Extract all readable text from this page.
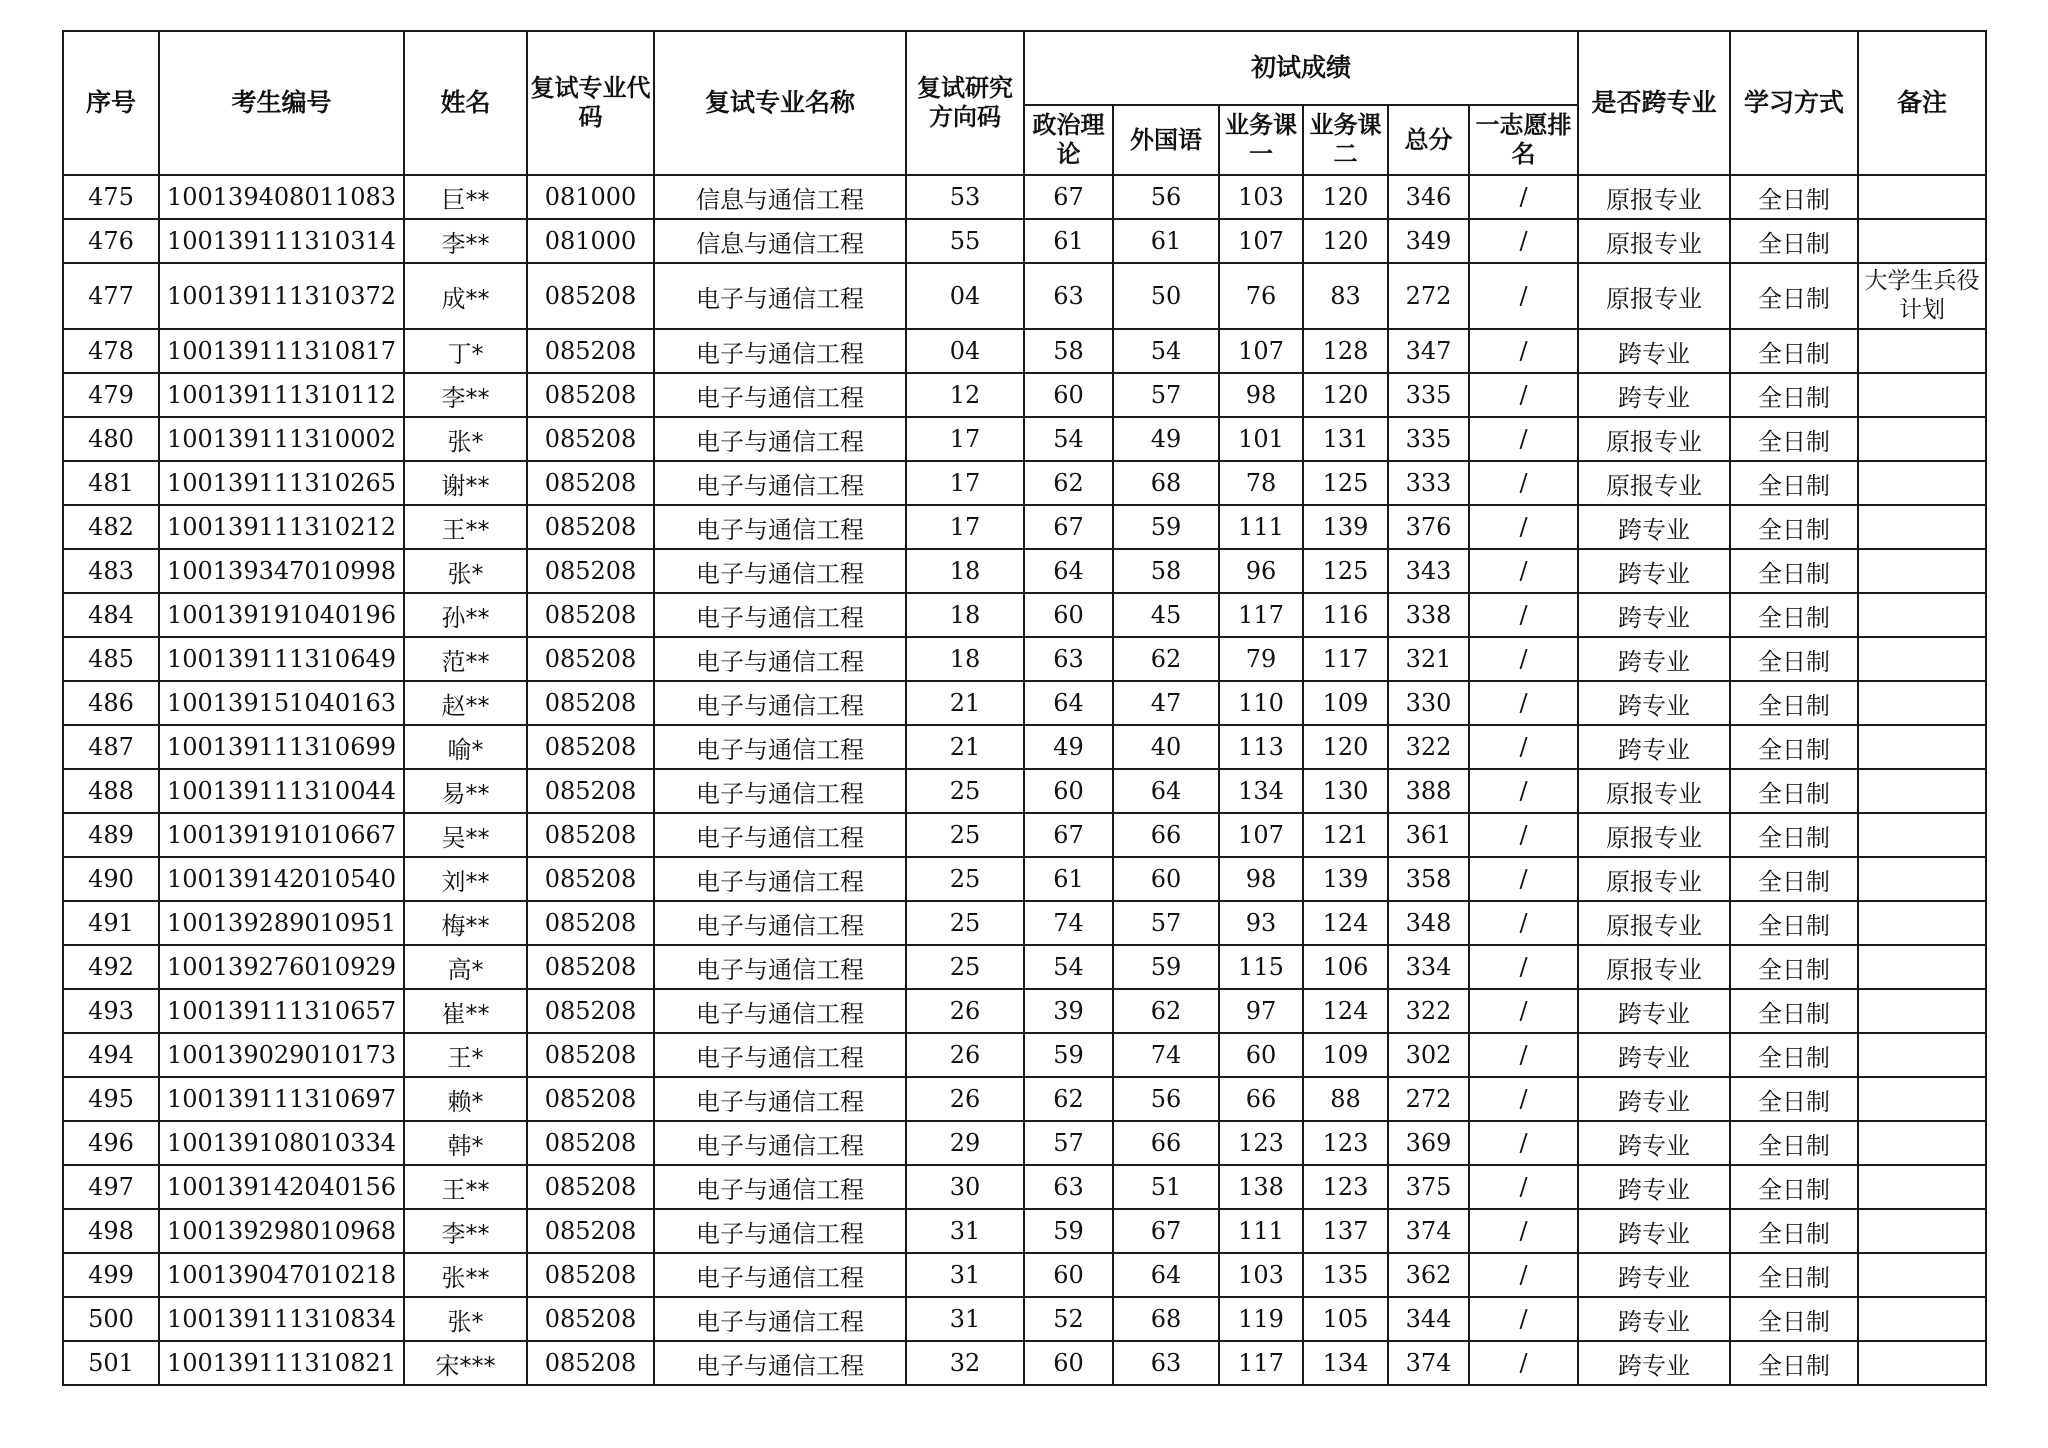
序号	考生编号	姓名	复试专业代码	复试专业名称	复试研究方向码	初试成绩						是否跨专业	学习方式	备注
						政治理论	外国语	业务课一	业务课二	总分	一志愿排名			
475	100139408011083	巨**	081000	信息与通信工程	53	67	56	103	120	346	/	原报专业	全日制	
476	100139111310314	李**	081000	信息与通信工程	55	61	61	107	120	349	/	原报专业	全日制	
477	100139111310372	成**	085208	电子与通信工程	04	63	50	76	83	272	/	原报专业	全日制	大学生兵役计划
478	100139111310817	丁*	085208	电子与通信工程	04	58	54	107	128	347	/	跨专业	全日制	
479	100139111310112	李**	085208	电子与通信工程	12	60	57	98	120	335	/	跨专业	全日制	
480	100139111310002	张*	085208	电子与通信工程	17	54	49	101	131	335	/	原报专业	全日制	
481	100139111310265	谢**	085208	电子与通信工程	17	62	68	78	125	333	/	原报专业	全日制	
482	100139111310212	王**	085208	电子与通信工程	17	67	59	111	139	376	/	跨专业	全日制	
483	100139347010998	张*	085208	电子与通信工程	18	64	58	96	125	343	/	跨专业	全日制	
484	100139191040196	孙**	085208	电子与通信工程	18	60	45	117	116	338	/	跨专业	全日制	
485	100139111310649	范**	085208	电子与通信工程	18	63	62	79	117	321	/	跨专业	全日制	
486	100139151040163	赵**	085208	电子与通信工程	21	64	47	110	109	330	/	跨专业	全日制	
487	100139111310699	喻*	085208	电子与通信工程	21	49	40	113	120	322	/	跨专业	全日制	
488	100139111310044	易**	085208	电子与通信工程	25	60	64	134	130	388	/	原报专业	全日制	
489	100139191010667	吴**	085208	电子与通信工程	25	67	66	107	121	361	/	原报专业	全日制	
490	100139142010540	刘**	085208	电子与通信工程	25	61	60	98	139	358	/	原报专业	全日制	
491	100139289010951	梅**	085208	电子与通信工程	25	74	57	93	124	348	/	原报专业	全日制	
492	100139276010929	高*	085208	电子与通信工程	25	54	59	115	106	334	/	原报专业	全日制	
493	100139111310657	崔**	085208	电子与通信工程	26	39	62	97	124	322	/	跨专业	全日制	
494	100139029010173	王*	085208	电子与通信工程	26	59	74	60	109	302	/	跨专业	全日制	
495	100139111310697	赖*	085208	电子与通信工程	26	62	56	66	88	272	/	跨专业	全日制	
496	100139108010334	韩*	085208	电子与通信工程	29	57	66	123	123	369	/	跨专业	全日制	
497	100139142040156	王**	085208	电子与通信工程	30	63	51	138	123	375	/	跨专业	全日制	
498	100139298010968	李**	085208	电子与通信工程	31	59	67	111	137	374	/	跨专业	全日制	
499	100139047010218	张**	085208	电子与通信工程	31	60	64	103	135	362	/	跨专业	全日制	
500	100139111310834	张*	085208	电子与通信工程	31	52	68	119	105	344	/	跨专业	全日制	
501	100139111310821	宋***	085208	电子与通信工程	32	60	63	117	134	374	/	跨专业	全日制	
